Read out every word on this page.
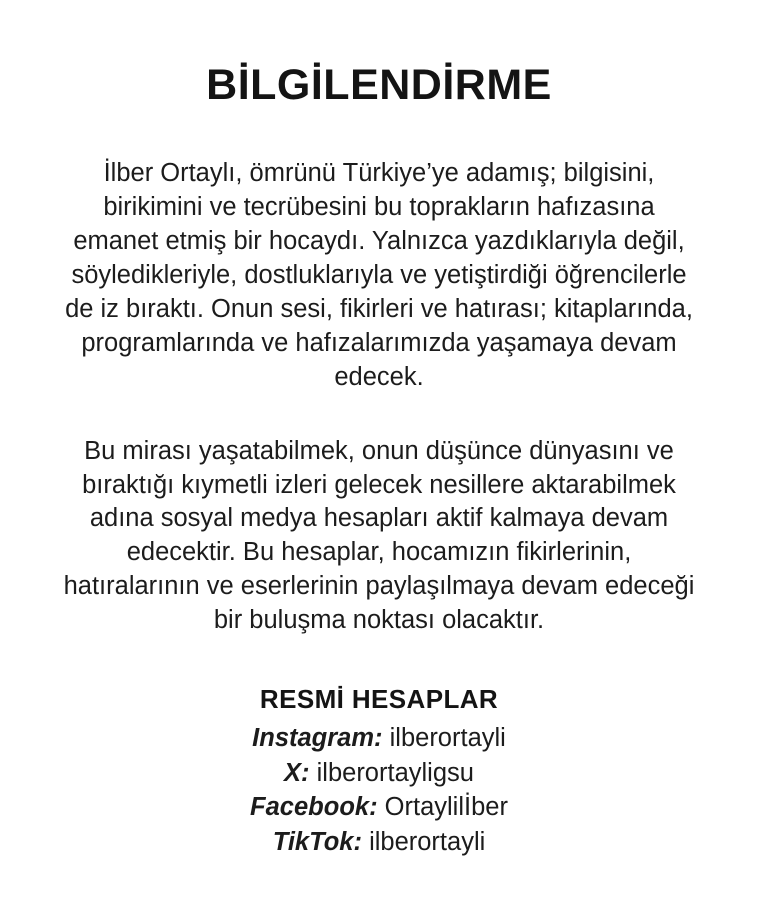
BİLGİLENDİRME

İlber Ortaylı, ömrünü Türkiye’ye adamış; bilgisini, birikimini ve tecrübesini bu toprakların hafızasına emanet etmiş bir hocaydı. Yalnızca yazdıklarıyla değil, söyledikleriyle, dostluklarıyla ve yetiştirdiği öğrencilerle de iz bıraktı. Onun sesi, fikirleri ve hatırası; kitaplarında, programlarında ve hafızalarımızda yaşamaya devam edecek.

Bu mirası yaşatabilmek, onun düşünce dünyasını ve bıraktığı kıymetli izleri gelecek nesillere aktarabilmek adına sosyal medya hesapları aktif kalmaya devam edecektir. Bu hesaplar, hocamızın fikirlerinin, hatıralarının ve eserlerinin paylaşılmaya devam edeceği bir buluşma noktası olacaktır.

RESMİ HESAPLAR
Instagram: ilberortayli
X: ilberortayligsu
Facebook: Ortaylilİber
TikTok: ilberortayli
